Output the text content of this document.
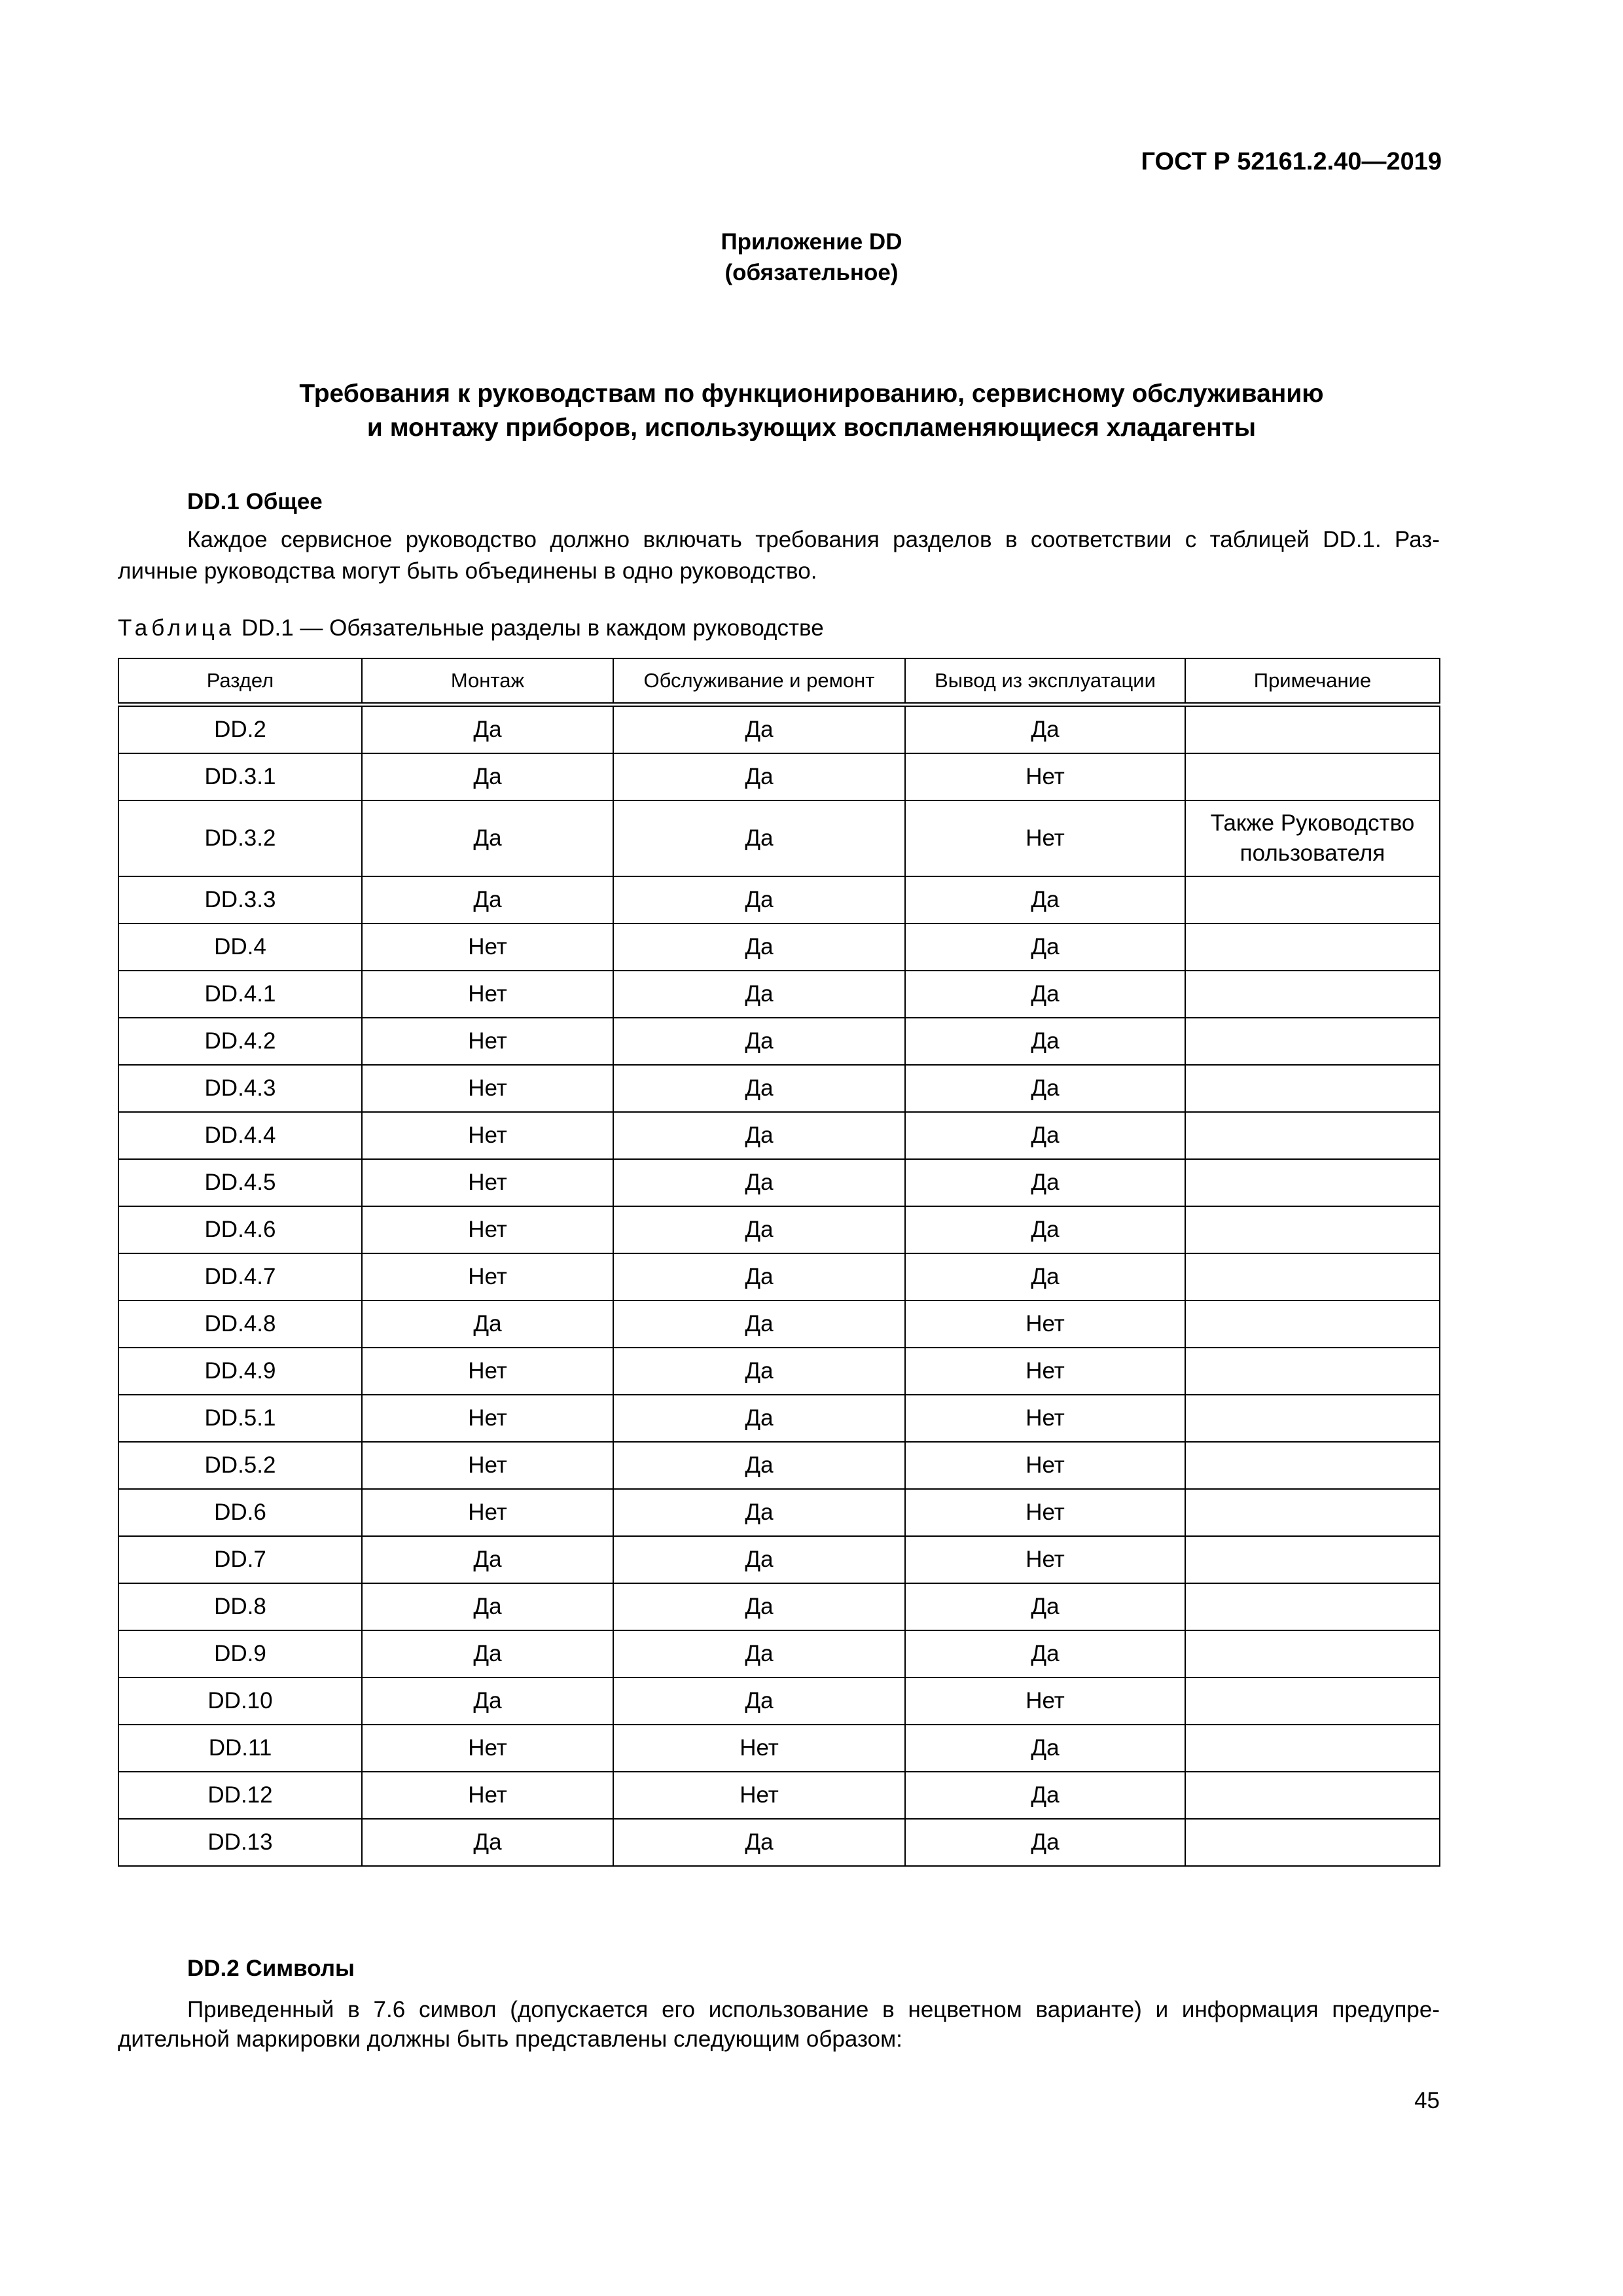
ГОСТ Р 52161.2.40—2019
Приложение DD
(обязательное)
Требования к руководствам по функционированию, сервисному обслуживанию
и монтажу приборов, использующих воспламеняющиеся хладагенты
DD.1 Общее
Каждое сервисное руководство должно включать требования разделов в соответствии с таблицей DD.1. Раз-
личные руководства могут быть объединены в одно руководство.
Таблица DD.1 — Обязательные разделы в каждом руководстве
Раздел	Монтаж	Обслуживание и ремонт	Вывод из эксплуатации	Примечание
DD.2	Да	Да	Да	
DD.3.1	Да	Да	Нет	
DD.3.2	Да	Да	Нет	Также Руководство пользователя
DD.3.3	Да	Да	Да	
DD.4	Нет	Да	Да	
DD.4.1	Нет	Да	Да	
DD.4.2	Нет	Да	Да	
DD.4.3	Нет	Да	Да	
DD.4.4	Нет	Да	Да	
DD.4.5	Нет	Да	Да	
DD.4.6	Нет	Да	Да	
DD.4.7	Нет	Да	Да	
DD.4.8	Да	Да	Нет	
DD.4.9	Нет	Да	Нет	
DD.5.1	Нет	Да	Нет	
DD.5.2	Нет	Да	Нет	
DD.6	Нет	Да	Нет	
DD.7	Да	Да	Нет	
DD.8	Да	Да	Да	
DD.9	Да	Да	Да	
DD.10	Да	Да	Нет	
DD.11	Нет	Нет	Да	
DD.12	Нет	Нет	Да	
DD.13	Да	Да	Да	
DD.2 Символы
Приведенный в 7.6 символ (допускается его использование в нецветном варианте) и информация предупре-
дительной маркировки должны быть представлены следующим образом:
45
